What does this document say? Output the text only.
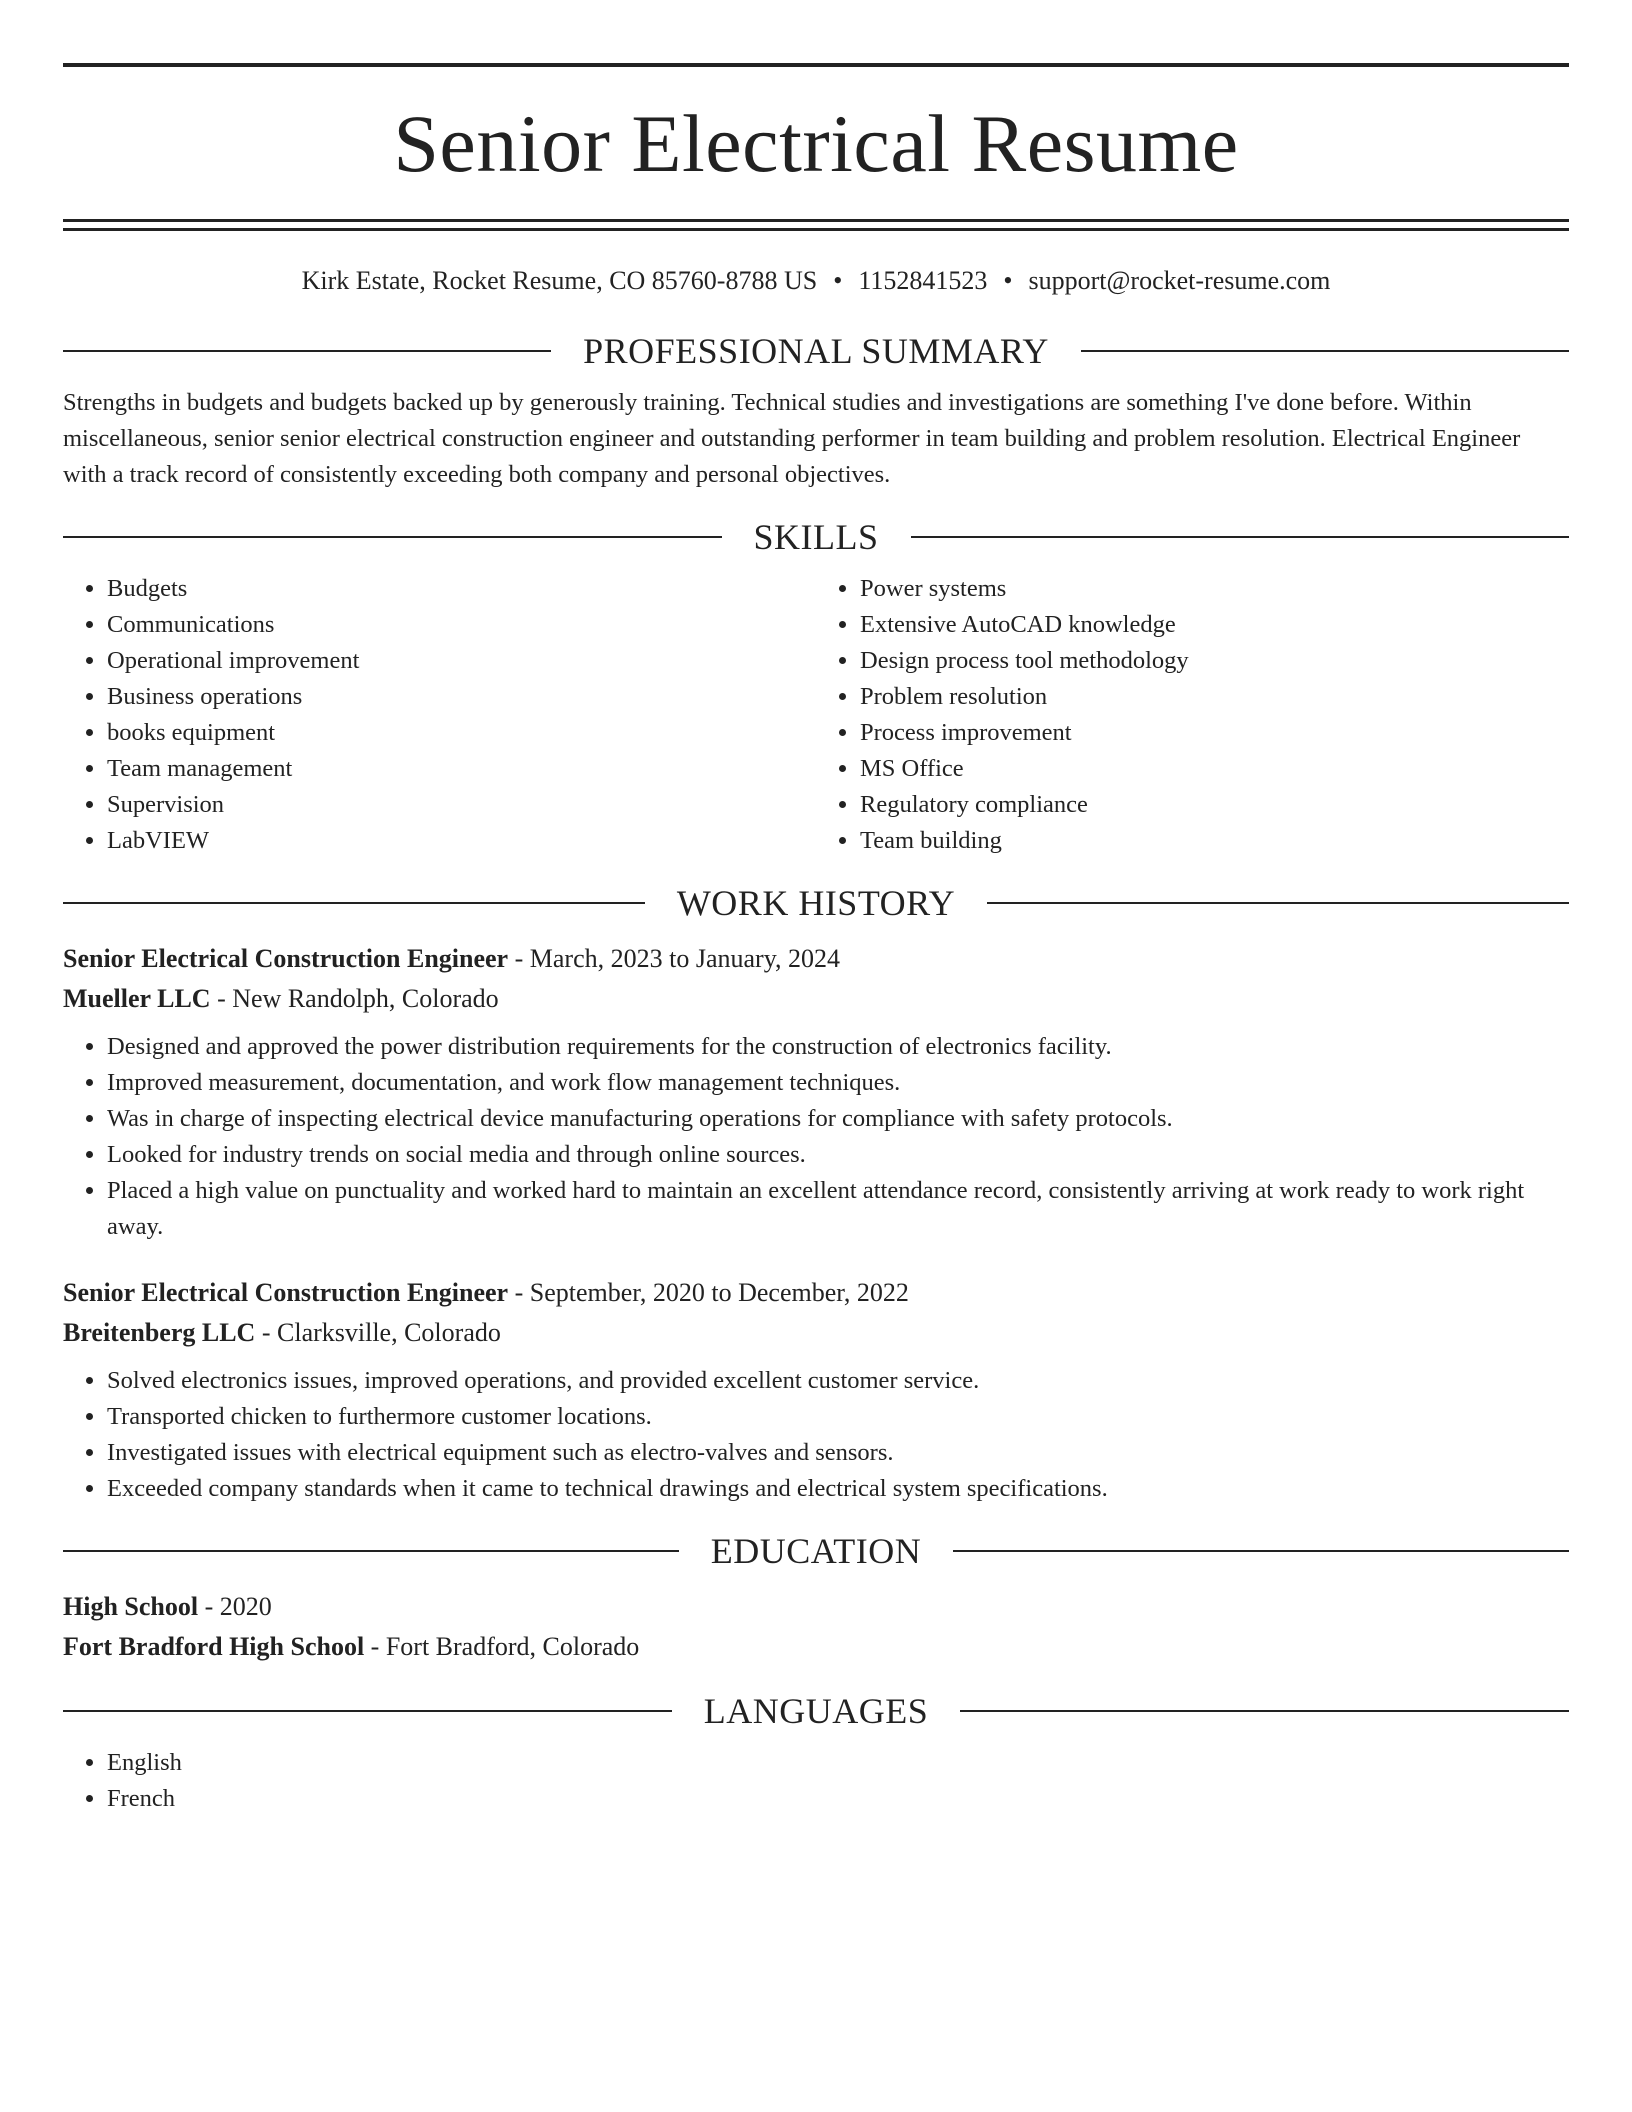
Senior Electrical Resume
Kirk Estate, Rocket Resume, CO 85760-8788 US • 1152841523 • support@rocket-resume.com
PROFESSIONAL SUMMARY
Strengths in budgets and budgets backed up by generously training. Technical studies and investigations are something I've done before. Within miscellaneous, senior senior electrical construction engineer and outstanding performer in team building and problem resolution. Electrical Engineer with a track record of consistently exceeding both company and personal objectives.
SKILLS
• Budgets
• Communications
• Operational improvement
• Business operations
• books equipment
• Team management
• Supervision
• LabVIEW
• Power systems
• Extensive AutoCAD knowledge
• Design process tool methodology
• Problem resolution
• Process improvement
• MS Office
• Regulatory compliance
• Team building
WORK HISTORY
Senior Electrical Construction Engineer - March, 2023 to January, 2024
Mueller LLC - New Randolph, Colorado
• Designed and approved the power distribution requirements for the construction of electronics facility.
• Improved measurement, documentation, and work flow management techniques.
• Was in charge of inspecting electrical device manufacturing operations for compliance with safety protocols.
• Looked for industry trends on social media and through online sources.
• Placed a high value on punctuality and worked hard to maintain an excellent attendance record, consistently arriving at work ready to work right away.
Senior Electrical Construction Engineer - September, 2020 to December, 2022
Breitenberg LLC - Clarksville, Colorado
• Solved electronics issues, improved operations, and provided excellent customer service.
• Transported chicken to furthermore customer locations.
• Investigated issues with electrical equipment such as electro-valves and sensors.
• Exceeded company standards when it came to technical drawings and electrical system specifications.
EDUCATION
High School - 2020
Fort Bradford High School - Fort Bradford, Colorado
LANGUAGES
• English
• French
